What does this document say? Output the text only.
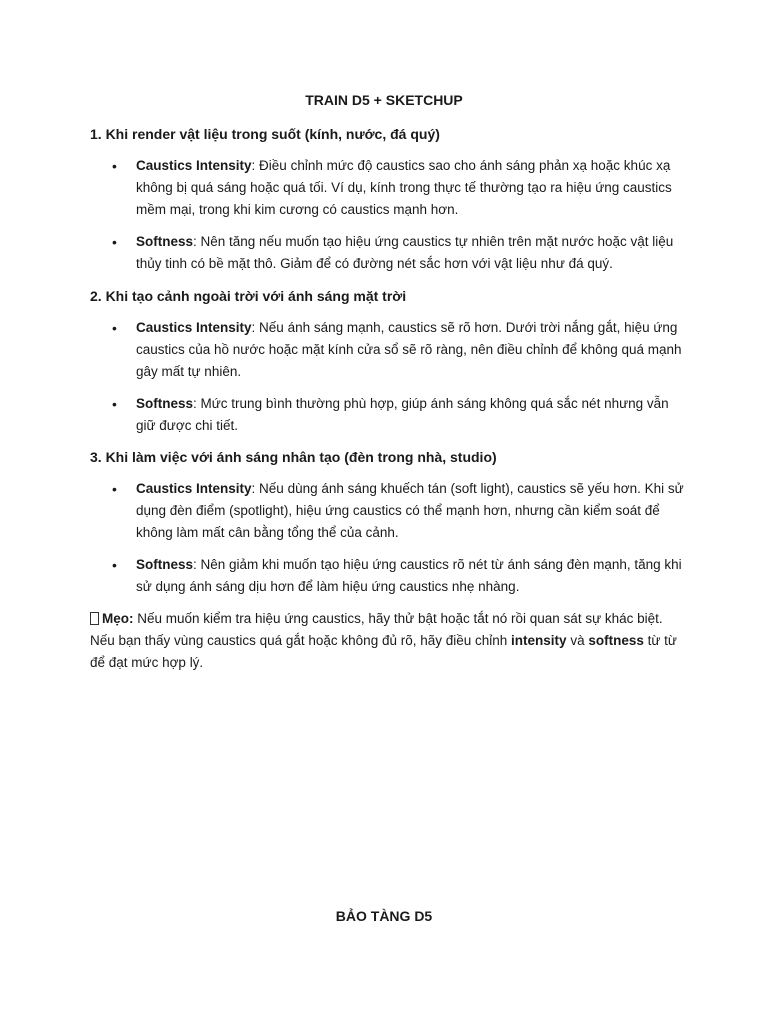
TRAIN D5 + SKETCHUP
1. Khi render vật liệu trong suốt (kính, nước, đá quý)
• Caustics Intensity: Điều chỉnh mức độ caustics sao cho ánh sáng phản xạ hoặc khúc xạ không bị quá sáng hoặc quá tối. Ví dụ, kính trong thực tế thường tạo ra hiệu ứng caustics mềm mại, trong khi kim cương có caustics mạnh hơn.
• Softness: Nên tăng nếu muốn tạo hiệu ứng caustics tự nhiên trên mặt nước hoặc vật liệu thủy tinh có bề mặt thô. Giảm để có đường nét sắc hơn với vật liệu như đá quý.
2. Khi tạo cảnh ngoài trời với ánh sáng mặt trời
• Caustics Intensity: Nếu ánh sáng mạnh, caustics sẽ rõ hơn. Dưới trời nắng gắt, hiệu ứng caustics của hồ nước hoặc mặt kính cửa sổ sẽ rõ ràng, nên điều chỉnh để không quá mạnh gây mất tự nhiên.
• Softness: Mức trung bình thường phù hợp, giúp ánh sáng không quá sắc nét nhưng vẫn giữ được chi tiết.
3. Khi làm việc với ánh sáng nhân tạo (đèn trong nhà, studio)
• Caustics Intensity: Nếu dùng ánh sáng khuếch tán (soft light), caustics sẽ yếu hơn. Khi sử dụng đèn điểm (spotlight), hiệu ứng caustics có thể mạnh hơn, nhưng cần kiểm soát để không làm mất cân bằng tổng thể của cảnh.
• Softness: Nên giảm khi muốn tạo hiệu ứng caustics rõ nét từ ánh sáng đèn mạnh, tăng khi sử dụng ánh sáng dịu hơn để làm hiệu ứng caustics nhẹ nhàng.
Mẹo: Nếu muốn kiểm tra hiệu ứng caustics, hãy thử bật hoặc tắt nó rồi quan sát sự khác biệt. Nếu bạn thấy vùng caustics quá gắt hoặc không đủ rõ, hãy điều chỉnh intensity và softness từ từ để đạt mức hợp lý.
BẢO TÀNG D5
